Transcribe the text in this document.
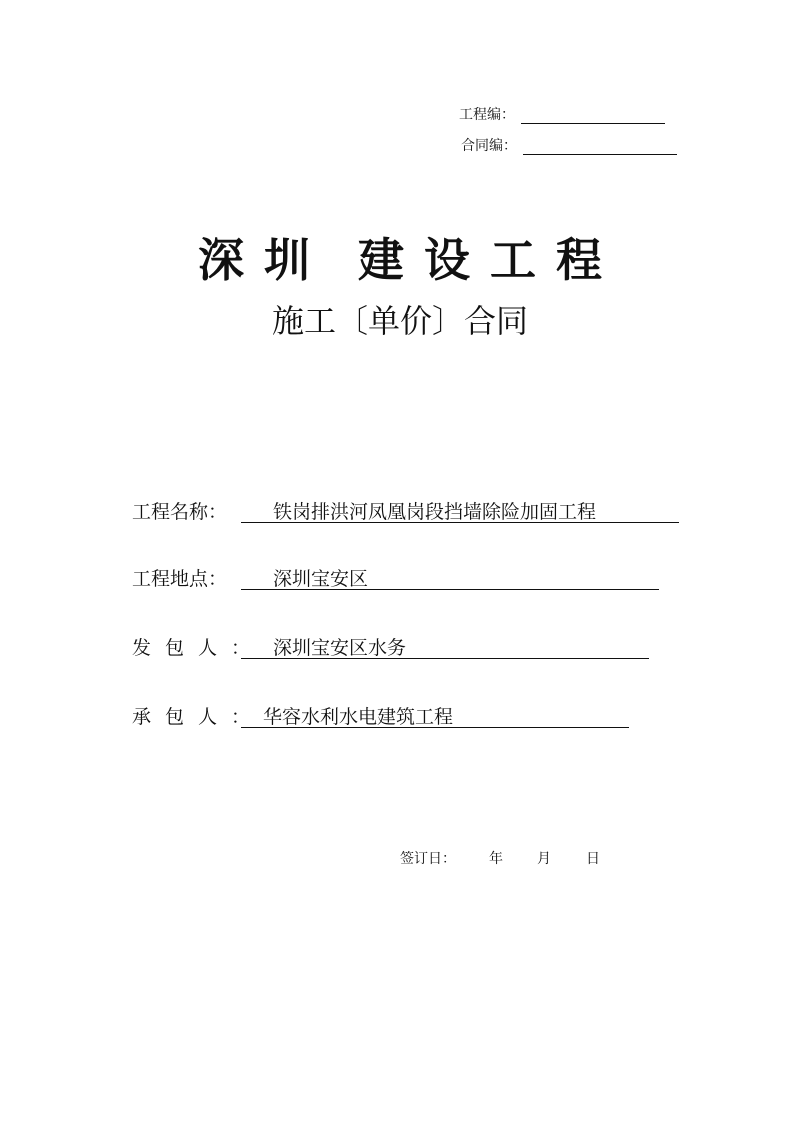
工程编：
合同编：
深圳 建设工程
施工〔单价〕合同
工程名称： 铁岗排洪河凤凰岗段挡墙除险加固工程
工程地点： 深圳宝安区
发包人： 深圳宝安区水务
承包人：
华容水利水电建筑工程
签订日： 年 月	日
